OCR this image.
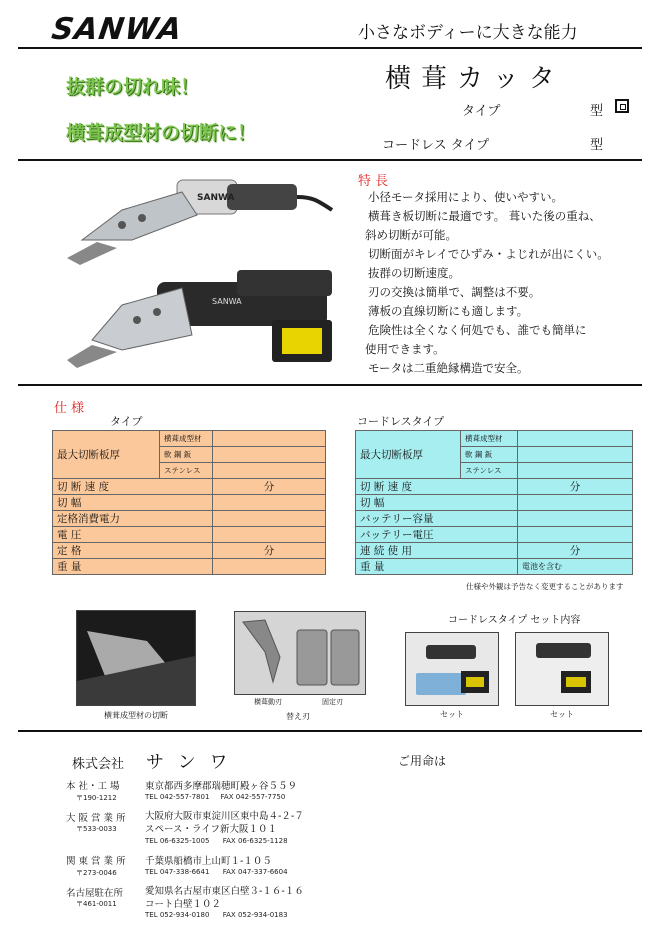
SANWA	小さなボディーに大きな能力
抜群の切れ味！
横葺成型材の切断に！
横葺カッタ
タイプ	型
コードレス タイプ	型
SANWA
SANWA
特 長
小径モータ採用により、使いやすい。
横葺き板切断に最適です。 葺いた後の重ね、
斜め切断が可能。
切断面がキレイでひずみ・よじれが出にくい。
抜群の切断速度。
刃の交換は簡単で、調整は不要。
薄板の直線切断にも適します。
危険性は全くなく何処でも、誰でも簡単に
使用できます。
モータは二重絶縁構造で安全。
仕 様
タイプ	コードレスタイプ
最大切断板厚	横葺成型材	
	軟 鋼 鈑	
	ステンレス	
切 断 速 度		分
切 幅		
定格消費電力		
電 圧		
定 格		分
重 量		
最大切断板厚	横葺成型材	
	軟 鋼 鈑	
	ステンレス	
切 断 速 度		分
切 幅		
バッテリー容量		
バッテリー電圧		
連 続 使 用		分
重 量		電池を含む
仕様や外観は予告なく変更することがあります
横葺成型材の切断
横葺動刃	固定刃
替え刃
コードレスタイプ セット内容
セット	セット
株式会社 サ ン ワ	ご用命は
本 社・工 場
〒190-1212
東京都西多摩郡瑞穂町殿ヶ谷５５９
TEL 042-557-7801     FAX 042-557-7750
大 阪 営 業 所
〒533-0033
大阪府大阪市東淀川区東中島４-２-７
スペース・ライフ新大阪１０１
TEL 06-6325-1005      FAX 06-6325-1128
関 東 営 業 所
〒273-0046
千葉県船橋市上山町１-１０５
TEL 047-338-6641      FAX 047-337-6604
名古屋駐在所
〒461-0011
愛知県名古屋市東区白壁３-１６-１６
コート白壁１０２
TEL 052-934-0180      FAX 052-934-0183
